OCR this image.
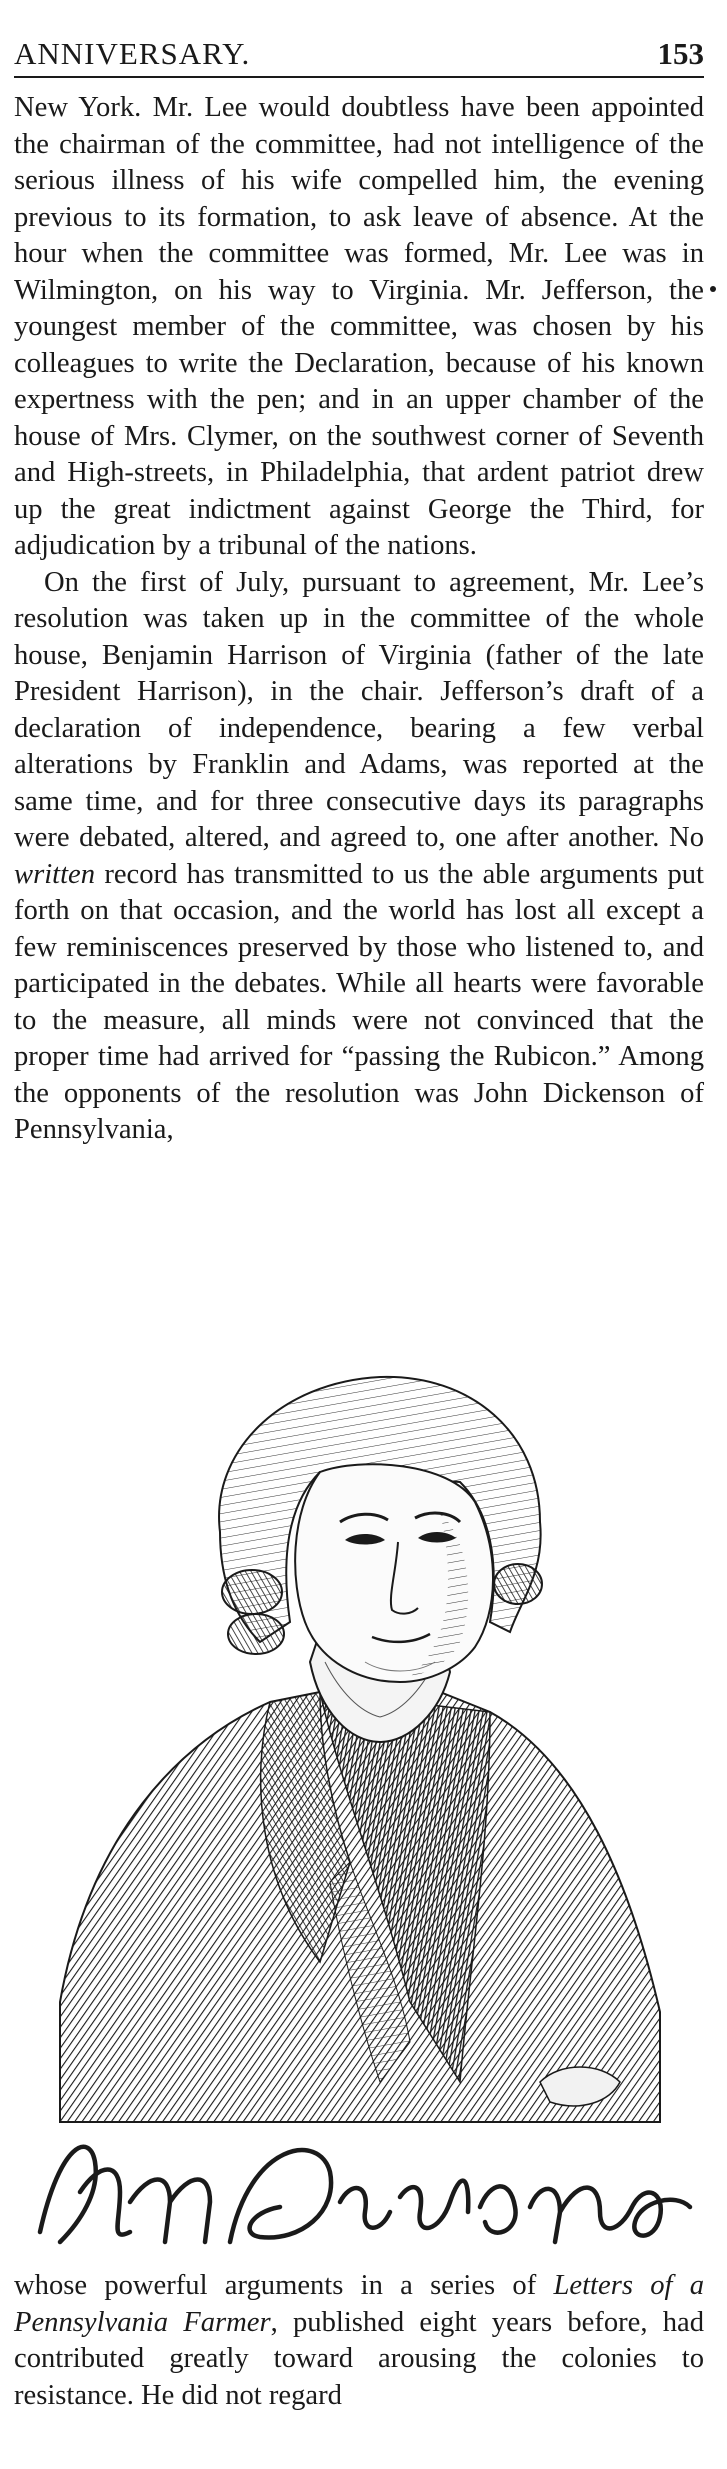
ANNIVERSARY.	153

New York. Mr. Lee would doubtless have been appointed the chairman of the committee, had not intelligence of the serious illness of his wife compelled him, the evening previous to its formation, to ask leave of absence. At the hour when the committee was formed, Mr. Lee was in Wilmington, on his way to Virginia. Mr. Jefferson, the youngest member of the committee, was chosen by his colleagues to write the Declaration, because of his known expertness with the pen; and in an upper chamber of the house of Mrs. Clymer, on the southwest corner of Seventh and High-streets, in Philadelphia, that ardent patriot drew up the great indictment against George the Third, for adjudication by a tribunal of the nations.

On the first of July, pursuant to agreement, Mr. Lee’s resolution was taken up in the committee of the whole house, Benjamin Harrison of Virginia (father of the late President Harrison), in the chair. Jefferson’s draft of a declaration of independence, bearing a few verbal alterations by Franklin and Adams, was reported at the same time, and for three consecutive days its paragraphs were debated, altered, and agreed to, one after another. No written record has transmitted to us the able arguments put forth on that occasion, and the world has lost all except a few reminiscences preserved by those who listened to, and participated in the debates. While all hearts were favorable to the measure, all minds were not convinced that the proper time had arrived for “passing the Rubicon.” Among the opponents of the resolution was John Dickenson of Pennsylvania,

whose powerful arguments in a series of Letters of a Pennsylvania Farmer, published eight years before, had contributed greatly toward arousing the colonies to resistance. He did not regard
